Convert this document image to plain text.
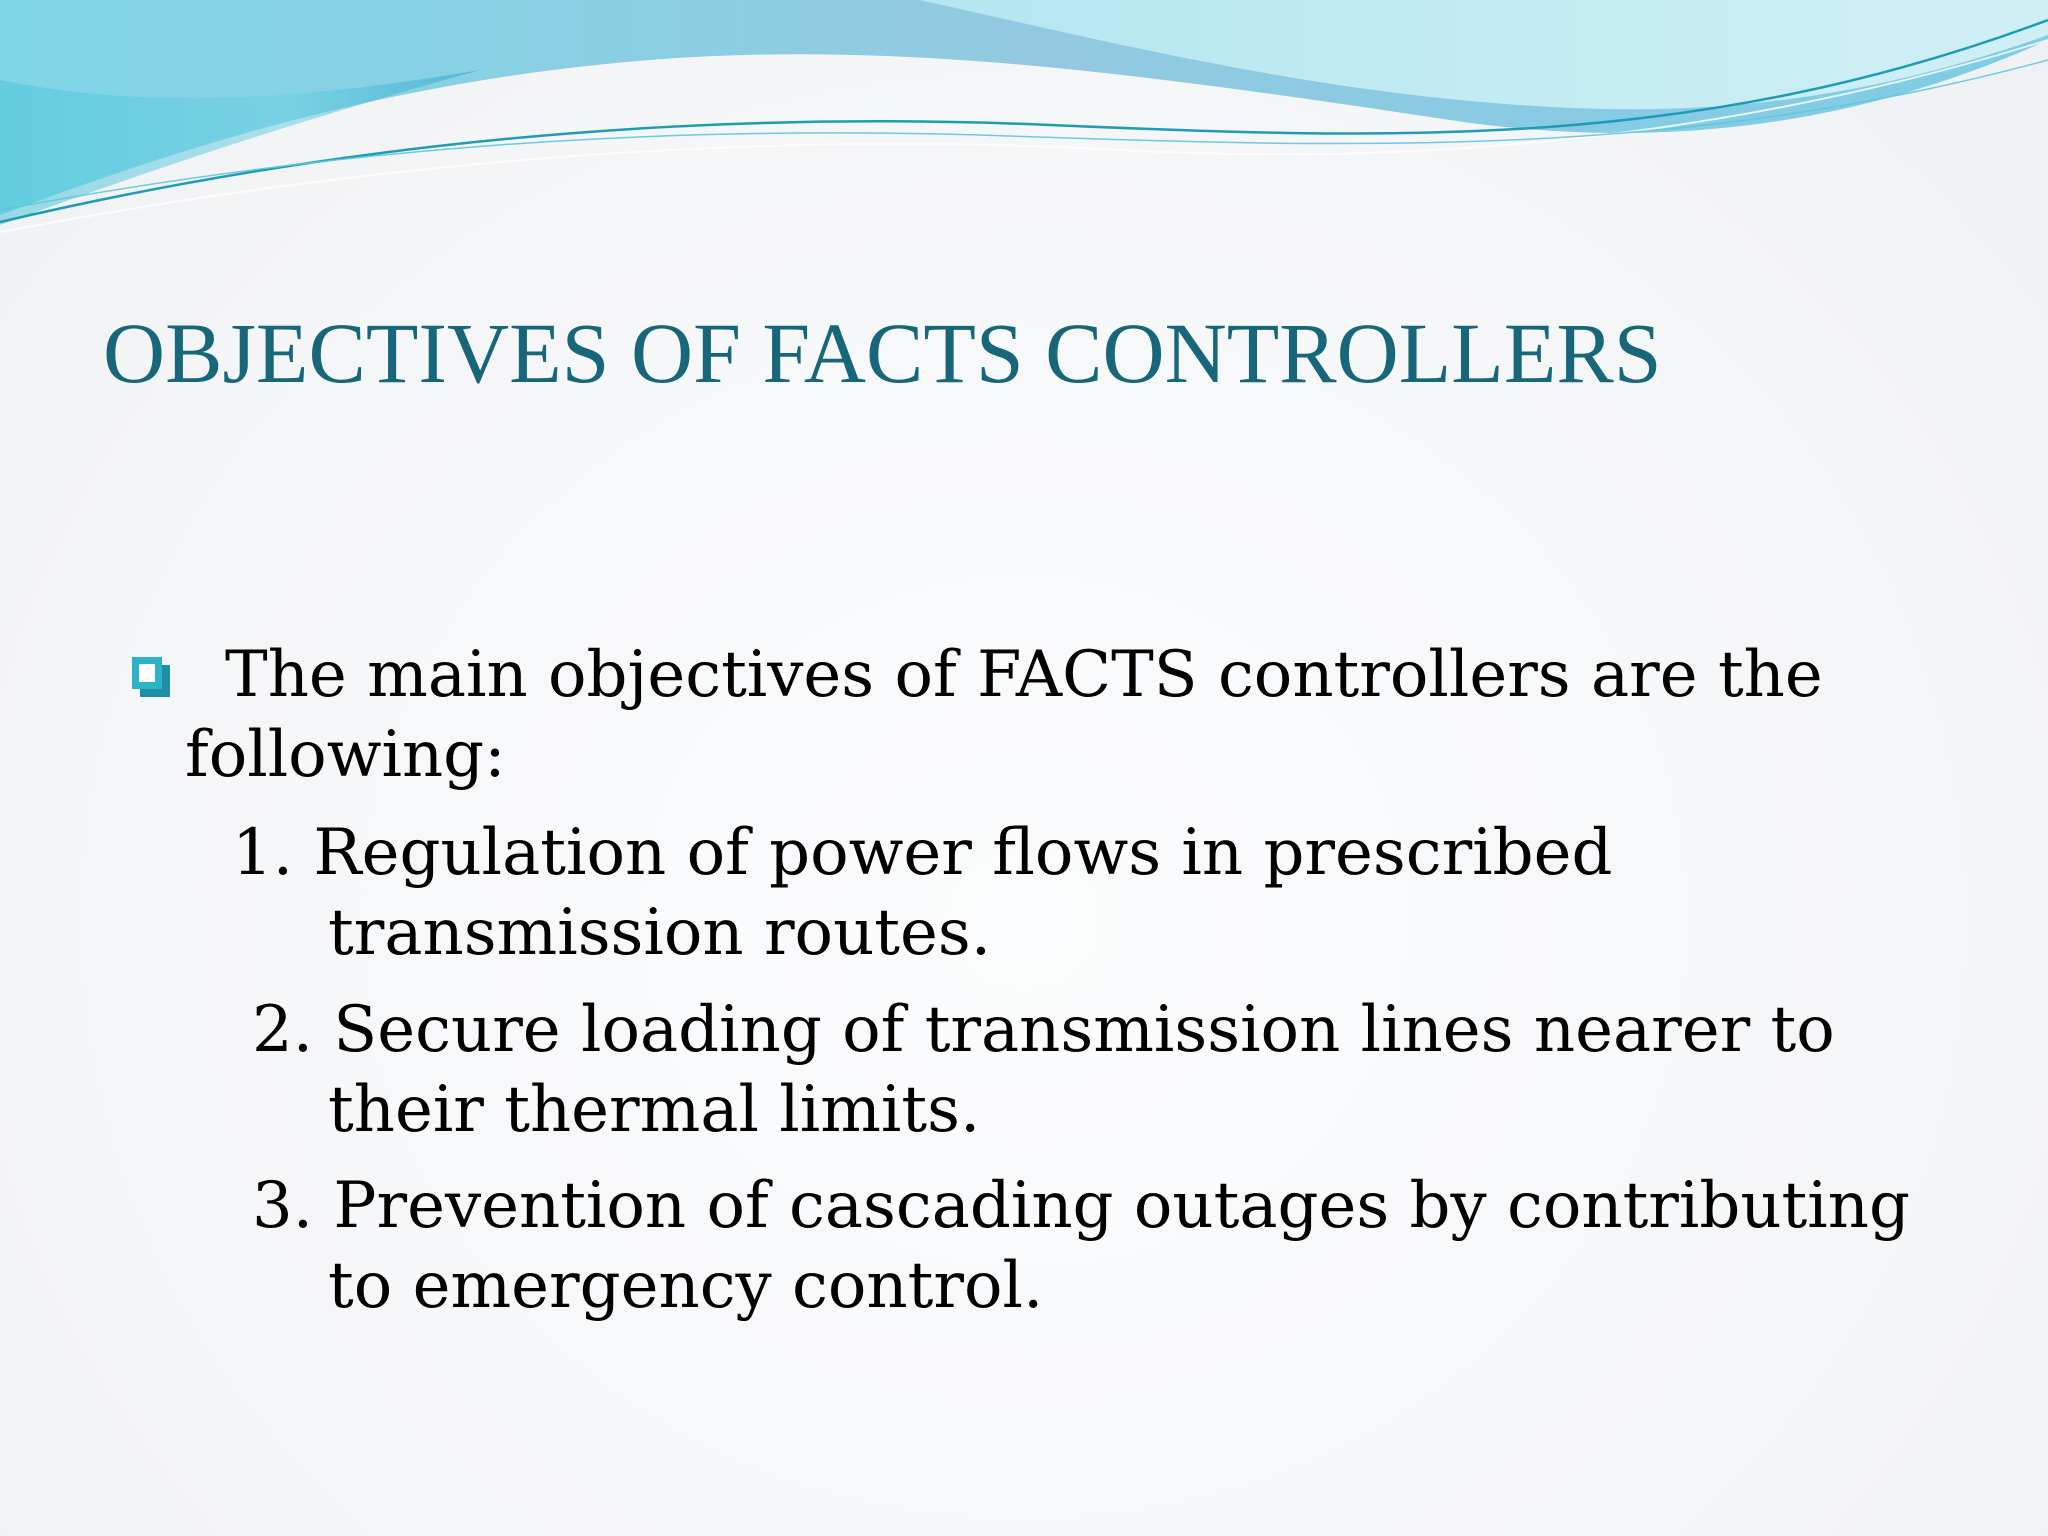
OBJECTIVES OF FACTS CONTROLLERS

The main objectives of FACTS controllers are the
following:

1. Regulation of power flows in prescribed
transmission routes.

2. Secure loading of transmission lines nearer to
their thermal limits.

3. Prevention of cascading outages by contributing
to emergency control.
